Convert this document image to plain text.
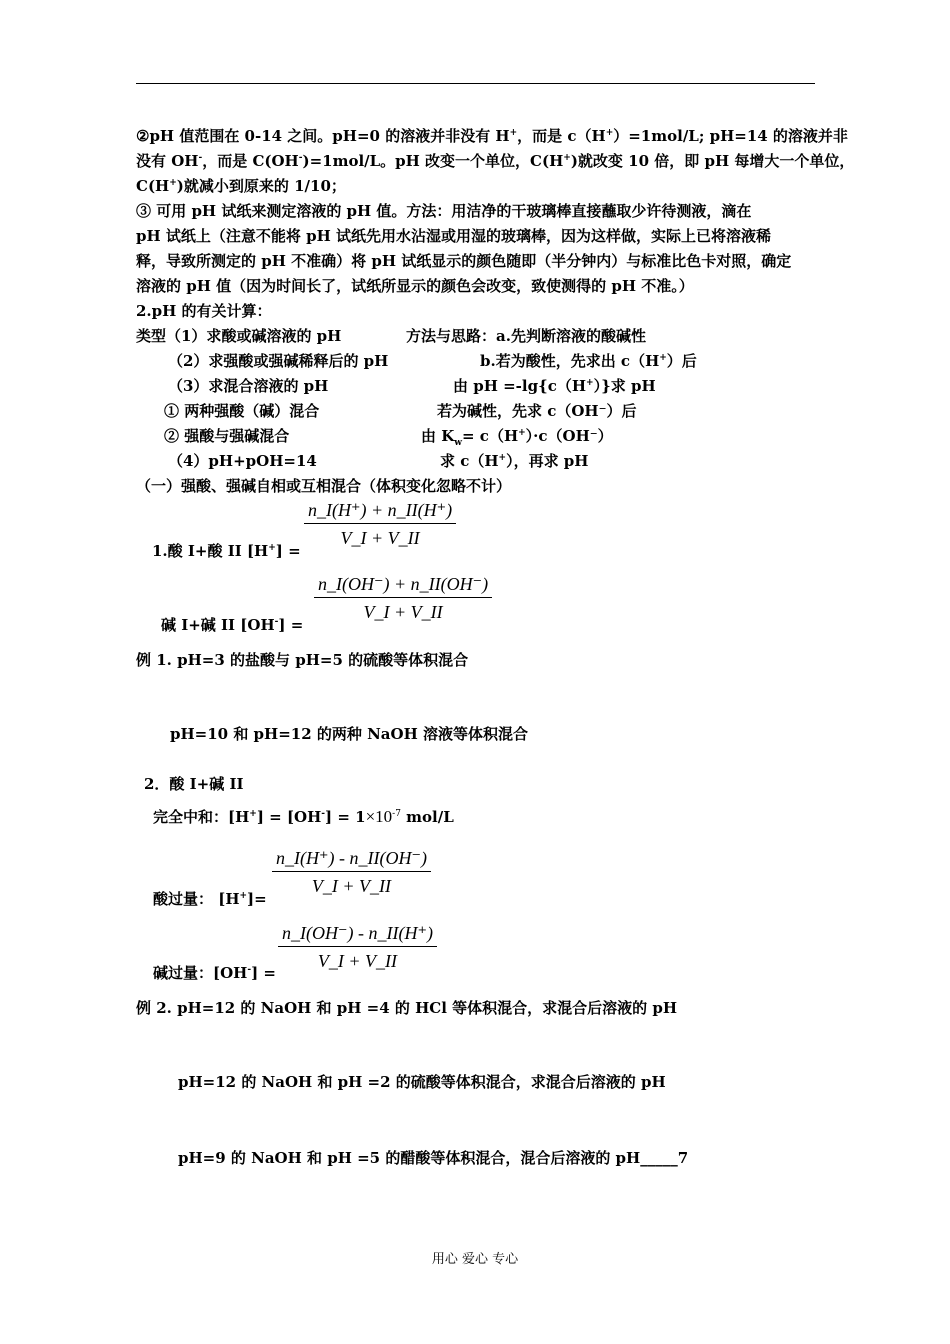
②pH 值范围在 0-14 之间。pH=0 的溶液并非没有 H+，而是 c（H+）=1mol/L; pH=14 的溶液并非
没有 OH-，而是 C(OH-)=1mol/L。pH 改变一个单位，C(H+)就改变 10 倍，即 pH 每增大一个单位，
C(H+)就减小到原来的 1/10；
③ 可用 pH 试纸来测定溶液的 pH 值。方法：用洁净的干玻璃棒直接蘸取少许待测液，滴在
pH 试纸上（注意不能将 pH 试纸先用水沾湿或用湿的玻璃棒，因为这样做，实际上已将溶液稀
释，导致所测定的 pH 不准确）将 pH 试纸显示的颜色随即（半分钟内）与标准比色卡对照，确定
溶液的 pH 值（因为时间长了，试纸所显示的颜色会改变，致使测得的 pH 不准。）
2.pH 的有关计算：
类型（1）求酸或碱溶液的 pH	方法与思路：a.先判断溶液的酸碱性
（2）求强酸或强碱稀释后的 pH	b.若为酸性，先求出 c（H+）后
（3）求混合溶液的 pH	由 pH =-lg{c（H+）}求 pH
① 两种强酸（碱）混合	若为碱性，先求 c（OH⁻）后
② 强酸与强碱混合	由 $K_w= c(H^+)\cdot c(OH^-)$
（4）pH+pOH=14	求 c（H+），再求 pH
（一）强酸、强碱自相或互相混合（体积变化忽略不计）
$\frac{n\_I(H^+) + n\_II(H^+)}{V\_I + V\_II}$
1.酸 I+酸 II [H+] =
$\frac{n\_I(OH^-) + n\_II(OH^-)}{V\_I + V\_II}$
碱 I+碱 II [OH-] =
例 1. pH=3 的盐酸与 pH=5 的硫酸等体积混合
pH=10 和 pH=12 的两种 NaOH 溶液等体积混合
2．酸 I+碱 II
完全中和：$[H^+] = [OH^-] = 1\times 10^{-7}$ mol/L
$\frac{n\_I(H^+) - n\_II(OH^-)}{V\_I + V\_II}$
酸过量： [H+]=
$\frac{n\_I(OH^-) - n\_II(H^+)}{V\_I + V\_II}$
碱过量：[OH-] =
例 2. pH=12 的 NaOH 和 pH =4 的 HCl 等体积混合，求混合后溶液的 pH
pH=12 的 NaOH 和 pH =2 的硫酸等体积混合，求混合后溶液的 pH
pH=9 的 NaOH 和 pH =5 的醋酸等体积混合，混合后溶液的 pH_____7
用心 爱心 专心
